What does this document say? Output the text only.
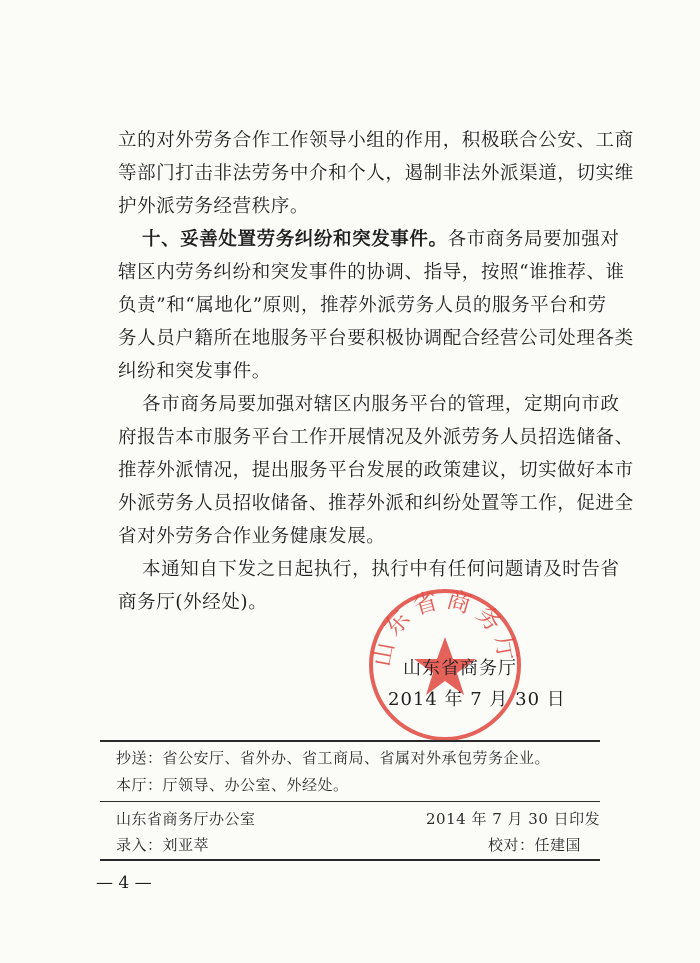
立的对外劳务合作工作领导小组的作用，积极联合公安、工商
等部门打击非法劳务中介和个人，遏制非法外派渠道，切实维
护外派劳务经营秩序。
十、妥善处置劳务纠纷和突发事件。各市商务局要加强对
辖区内劳务纠纷和突发事件的协调、指导，按照“谁推荐、谁
负责”和“属地化”原则，推荐外派劳务人员的服务平台和劳
务人员户籍所在地服务平台要积极协调配合经营公司处理各类
纠纷和突发事件。
各市商务局要加强对辖区内服务平台的管理，定期向市政
府报告本市服务平台工作开展情况及外派劳务人员招选储备、
推荐外派情况，提出服务平台发展的政策建议，切实做好本市
外派劳务人员招收储备、推荐外派和纠纷处置等工作，促进全
省对外劳务合作业务健康发展。
本通知自下发之日起执行，执行中有任何问题请及时告省
商务厅(外经处)。
山东省商务厅
山东省商务厅
2014 年 7 月 30 日
抄送：省公安厅、省外办、省工商局、省属对外承包劳务企业。
本厅：厅领导、办公室、外经处。
山东省商务厅办公室	2014 年 7 月 30 日印发
录入：刘亚萃	校对：任建国
— 4 —
